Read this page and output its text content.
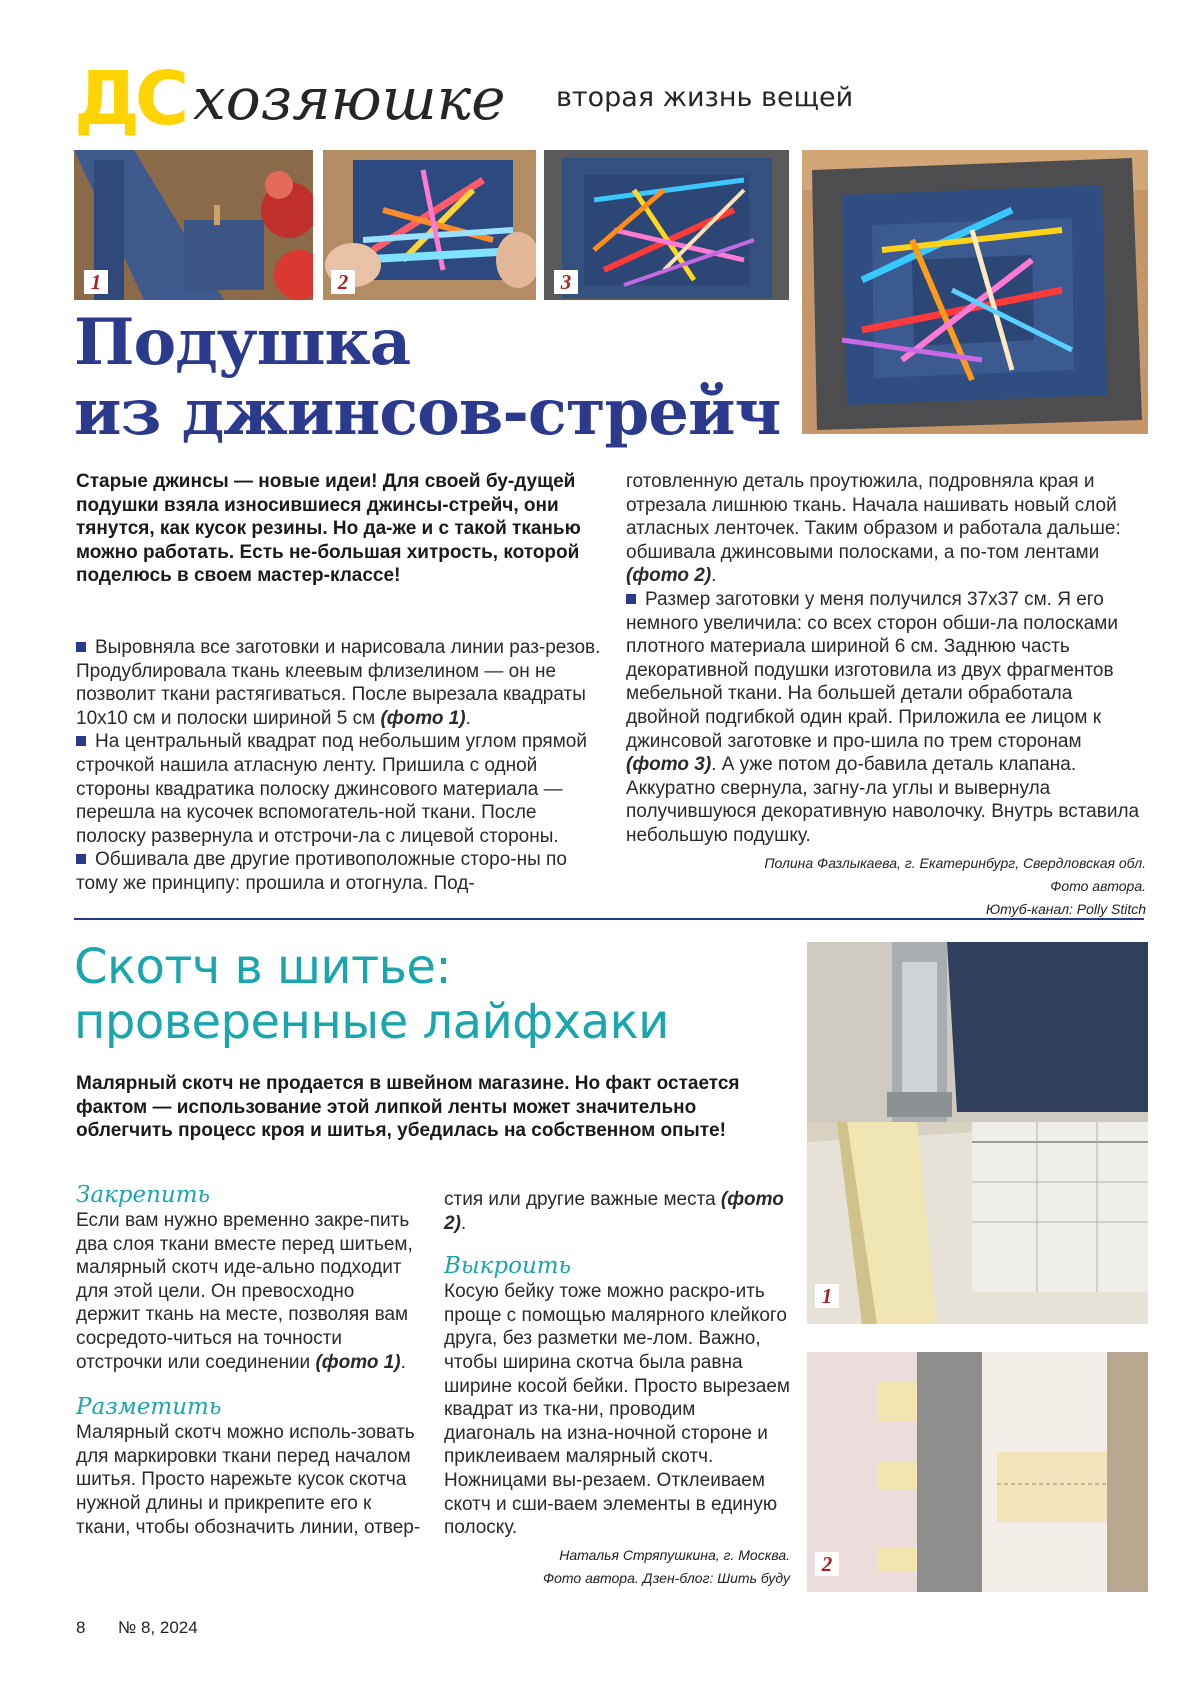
ДС хозяюшке вторая жизнь вещей
1	2	3
Подушка
из джинсов-стрейч
Старые джинсы — новые идеи! Для своей бу-дущей подушки взяла износившиеся джинсы-стрейч, они тянутся, как кусок резины. Но да-же и с такой тканью можно работать. Есть не-большая хитрость, которой поделюсь в своем мастер-классе!

Выровняла все заготовки и нарисовала линии раз-резов. Продублировала ткань клеевым флизелином — он не позволит ткани растягиваться. После вырезала квадраты 10х10 см и полоски шириной 5 см (фото 1).

На центральный квадрат под небольшим углом прямой строчкой нашила атласную ленту. Пришила с одной стороны квадратика полоску джинсового материала — перешла на кусочек вспомогатель-ной ткани. После полоску развернула и отстрочи-ла с лицевой стороны.

Обшивала две другие противоположные сторо-ны по тому же принципу: прошила и отогнула. Под-

готовленную деталь проутюжила, подровняла края и отрезала лишнюю ткань. Начала нашивать новый слой атласных ленточек. Таким образом и работала дальше: обшивала джинсовыми полосками, а по-том лентами (фото 2).

Размер заготовки у меня получился 37х37 см. Я его немного увеличила: со всех сторон обши-ла полосками плотного материала шириной 6 см. Заднюю часть декоративной подушки изготовила из двух фрагментов мебельной ткани. На большей детали обработала двойной подгибкой один край. Приложила ее лицом к джинсовой заготовке и про-шила по трем сторонам (фото 3). А уже потом до-бавила деталь клапана. Аккуратно свернула, загну-ла углы и вывернула получившуюся декоративную наволочку. Внутрь вставила небольшую подушку.

Полина Фазлыкаева, г. Екатеринбург, Свердловская обл.
Фото автора.
Ютуб-канал: Polly Stitch
Скотч в шитье:
проверенные лайфхаки
Малярный скотч не продается в швейном магазине. Но факт остается фактом — использование этой липкой ленты может значительно облегчить процесс кроя и шитья, убедилась на собственном опыте!

Закрепить

Если вам нужно временно закре-пить два слоя ткани вместе перед шитьем, малярный скотч иде-ально подходит для этой цели. Он превосходно держит ткань на месте, позволяя вам сосредото-читься на точности отстрочки или соединении (фото 1).

Разметить

Малярный скотч можно исполь-зовать для маркировки ткани перед началом шитья. Просто нарежьте кусок скотча нужной длины и прикрепите его к ткани, чтобы обозначить линии, отвер-

стия или другие важные места (фото 2).

Выкроить

Косую бейку тоже можно раскро-ить проще с помощью малярного клейкого друга, без разметки ме-лом. Важно, чтобы ширина скотча была равна ширине косой бейки. Просто вырезаем квадрат из тка-ни, проводим диагональ на изна-ночной стороне и приклеиваем малярный скотч. Ножницами вы-резаем. Отклеиваем скотч и сши-ваем элементы в единую полоску.

Наталья Стряпушкина, г. Москва.
Фото автора. Дзен-блог: Шить буду
1
2
8 № 8, 2024
